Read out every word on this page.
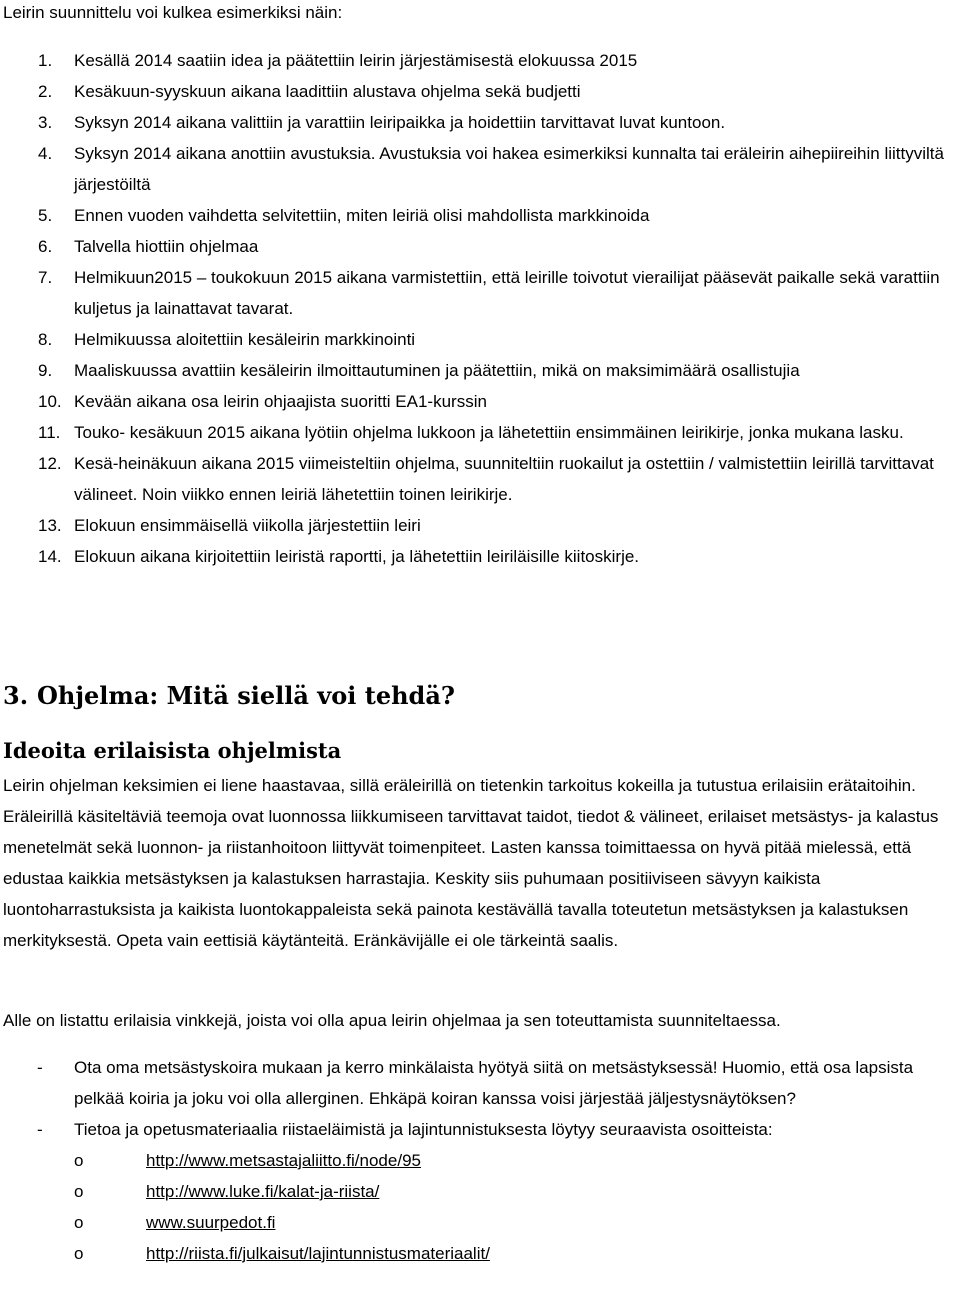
Leirin suunnittelu voi kulkea esimerkiksi näin:
1. Kesällä 2014 saatiin idea ja päätettiin leirin järjestämisestä elokuussa 2015
2. Kesäkuun-syyskuun aikana laadittiin alustava ohjelma sekä budjetti
3. Syksyn 2014 aikana valittiin ja varattiin leiripaikka ja hoidettiin tarvittavat luvat kuntoon.
4. Syksyn 2014 aikana anottiin avustuksia. Avustuksia voi hakea esimerkiksi kunnalta tai eräleirin aihepiireihin liittyviltä järjestöiltä
5. Ennen vuoden vaihdetta selvitettiin, miten leiriä olisi mahdollista markkinoida
6. Talvella hiottiin ohjelmaa
7. Helmikuun2015 – toukokuun 2015 aikana varmistettiin, että leirille toivotut vierailijat pääsevät paikalle sekä varattiin kuljetus ja lainattavat tavarat.
8. Helmikuussa aloitettiin kesäleirin markkinointi
9. Maaliskuussa avattiin kesäleirin ilmoittautuminen ja päätettiin, mikä on maksimimäärä osallistujia
10. Kevään aikana osa leirin ohjaajista suoritti EA1-kurssin
11. Touko- kesäkuun 2015 aikana lyötiin ohjelma lukkoon ja lähetettiin ensimmäinen leirikirje, jonka mukana lasku.
12. Kesä-heinäkuun aikana 2015 viimeisteltiin ohjelma, suunniteltiin ruokailut ja ostettiin / valmistettiin leirillä tarvittavat välineet. Noin viikko ennen leiriä lähetettiin toinen leirikirje.
13. Elokuun ensimmäisellä viikolla järjestettiin leiri
14. Elokuun aikana kirjoitettiin leiristä raportti, ja lähetettiin leiriläisille kiitoskirje.
3. Ohjelma: Mitä siellä voi tehdä?
Ideoita erilaisista ohjelmista

Leirin ohjelman keksimien ei liene haastavaa, sillä eräleirillä on tietenkin tarkoitus kokeilla ja tutustua erilaisiin erätaitoihin. Eräleirillä käsiteltäviä teemoja ovat luonnossa liikkumiseen tarvittavat taidot, tiedot & välineet, erilaiset metsästys- ja kalastus menetelmät sekä luonnon- ja riistanhoitoon liittyvät toimenpiteet. Lasten kanssa toimittaessa on hyvä pitää mielessä, että edustaa kaikkia metsästyksen ja kalastuksen harrastajia. Keskity siis puhumaan positiiviseen sävyyn kaikista luontoharrastuksista ja kaikista luontokappaleista sekä painota kestävällä tavalla toteutetun metsästyksen ja kalastuksen merkityksestä. Opeta vain eettisiä käytänteitä. Eränkävijälle ei ole tärkeintä saalis.

Alle on listattu erilaisia vinkkejä, joista voi olla apua leirin ohjelmaa ja sen toteuttamista suunniteltaessa.

- Ota oma metsästyskoira mukaan ja kerro minkälaista hyötyä siitä on metsästyksessä! Huomio, että osa lapsista pelkää koiria ja joku voi olla allerginen. Ehkäpä koiran kanssa voisi järjestää jäljestysnäytöksen?
- Tietoa ja opetusmateriaalia riistaeläimistä ja lajintunnistuksesta löytyy seuraavista osoitteista:
o	http://www.metsastajaliitto.fi/node/95
o	http://www.luke.fi/kalat-ja-riista/
o	www.suurpedot.fi
o	http://riista.fi/julkaisut/lajintunnistusmateriaalit/
